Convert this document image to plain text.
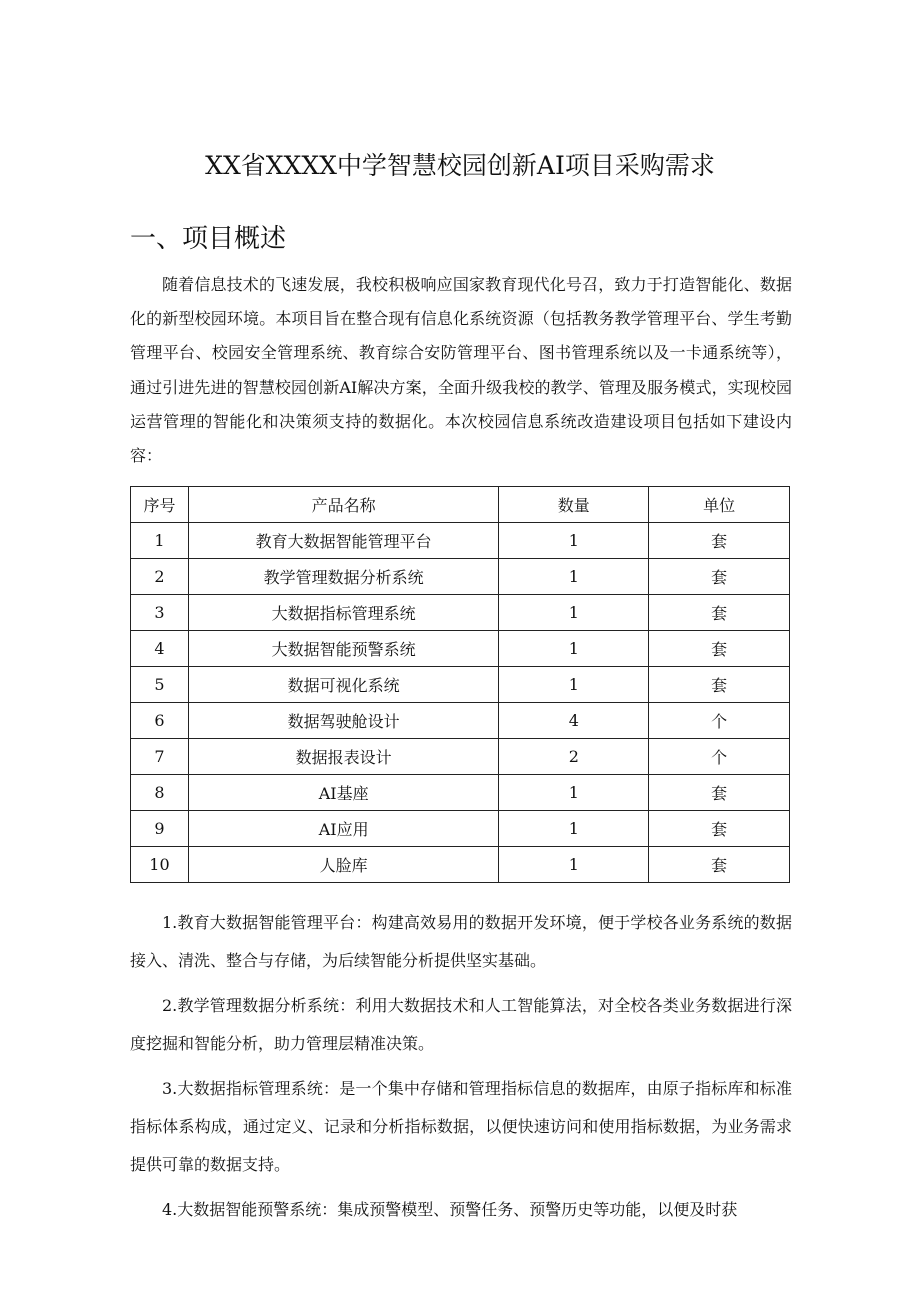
XX省XXXX中学智慧校园创新AI项目采购需求
一、项目概述

随着信息技术的飞速发展，我校积极响应国家教育现代化号召，致力于打造智能化、数据化的新型校园环境。本项目旨在整合现有信息化系统资源（包括教务教学管理平台、学生考勤管理平台、校园安全管理系统、教育综合安防管理平台、图书管理系统以及一卡通系统等），通过引进先进的智慧校园创新AI解决方案，全面升级我校的教学、管理及服务模式，实现校园运营管理的智能化和决策须支持的数据化。本次校园信息系统改造建设项目包括如下建设内容：

序号	产品名称	数量	单位
1	教育大数据智能管理平台	1	套
2	教学管理数据分析系统	1	套
3	大数据指标管理系统	1	套
4	大数据智能预警系统	1	套
5	数据可视化系统	1	套
6	数据驾驶舱设计	4	个
7	数据报表设计	2	个
8	AI基座	1	套
9	AI应用	1	套
10	人脸库	1	套

1.教育大数据智能管理平台：构建高效易用的数据开发环境，便于学校各业务系统的数据接入、清洗、整合与存储，为后续智能分析提供坚实基础。

2.教学管理数据分析系统：利用大数据技术和人工智能算法，对全校各类业务数据进行深度挖掘和智能分析，助力管理层精准决策。

3.大数据指标管理系统：是一个集中存储和管理指标信息的数据库，由原子指标库和标准指标体系构成，通过定义、记录和分析指标数据，以便快速访问和使用指标数据，为业务需求提供可靠的数据支持。

4.大数据智能预警系统：集成预警模型、预警任务、预警历史等功能，以便及时获
